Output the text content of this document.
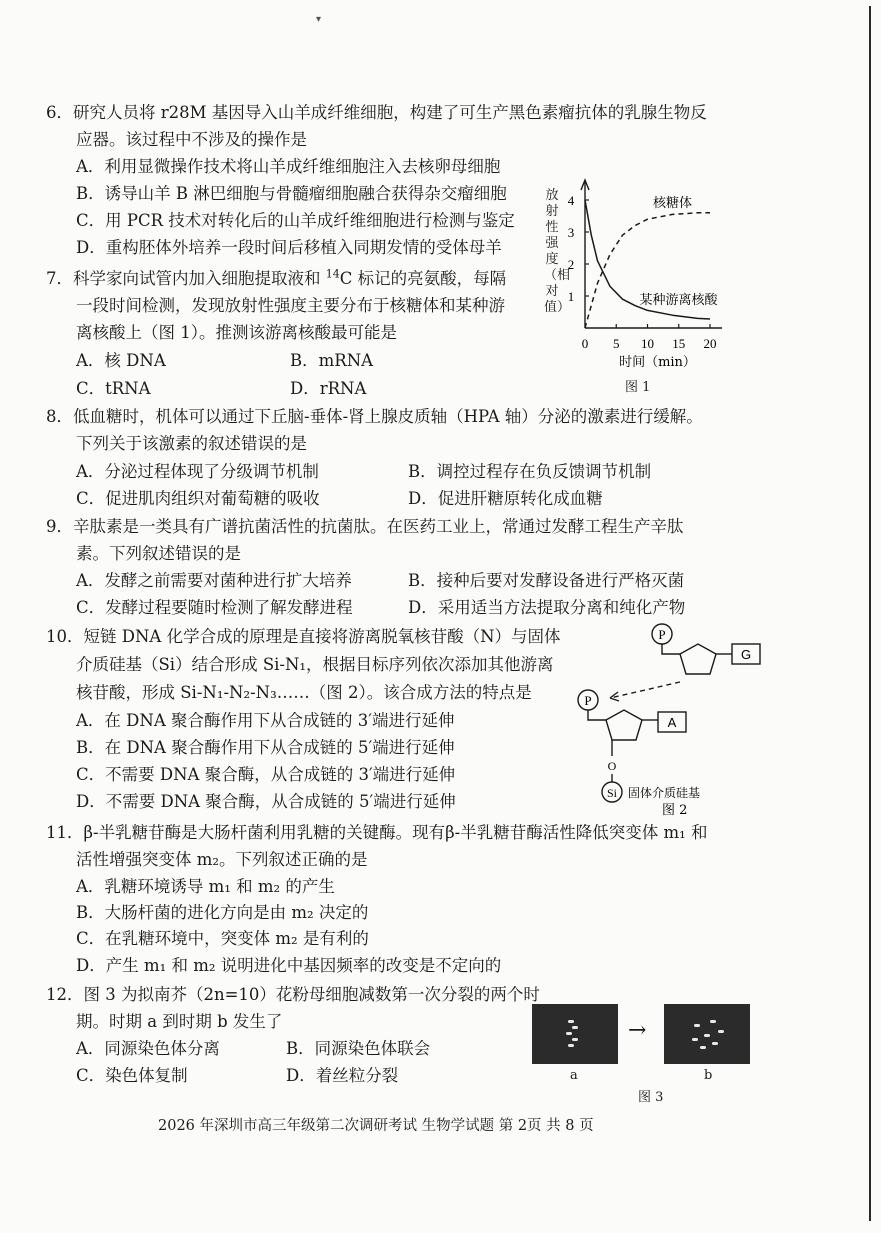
▾
6．研究人员将 r28M 基因导入山羊成纤维细胞，构建了可生产黑色素瘤抗体的乳腺生物反
应器。该过程中不涉及的操作是
A．利用显微操作技术将山羊成纤维细胞注入去核卵母细胞
B．诱导山羊 B 淋巴细胞与骨髓瘤细胞融合获得杂交瘤细胞
C．用 PCR 技术对转化后的山羊成纤维细胞进行检测与鉴定
D．重构胚体外培养一段时间后移植入同期发情的受体母羊
7．科学家向试管内加入细胞提取液和 $^{14}$C 标记的亮氨酸，每隔
一段时间检测，发现放射性强度主要分布于核糖体和某种游
离核酸上（图 1）。推测该游离核酸最可能是
A．核 DNA	B．mRNA
C．tRNA	D．rRNA
放射性强度（相对值）
1
2
3
4
0 5 10 15 20
时间（min）
核糖体
某种游离核酸
图 1
8．低血糖时，机体可以通过下丘脑-垂体-肾上腺皮质轴（HPA 轴）分泌的激素进行缓解。
下列关于该激素的叙述错误的是
A．分泌过程体现了分级调节机制	B．调控过程存在负反馈调节机制
C．促进肌肉组织对葡萄糖的吸收	D．促进肝糖原转化成血糖
9．辛肽素是一类具有广谱抗菌活性的抗菌肽。在医药工业上，常通过发酵工程生产辛肽
素。下列叙述错误的是
A．发酵之前需要对菌种进行扩大培养	B．接种后要对发酵设备进行严格灭菌
C．发酵过程要随时检测了解发酵进程	D．采用适当方法提取分离和纯化产物
10．短链 DNA 化学合成的原理是直接将游离脱氧核苷酸（N）与固体
介质硅基（Si）结合形成 Si-N₁，根据目标序列依次添加其他游离
核苷酸，形成 Si-N₁-N₂-N₃……（图 2）。该合成方法的特点是
A．在 DNA 聚合酶作用下从合成链的 3′端进行延伸
B．在 DNA 聚合酶作用下从合成链的 5′端进行延伸
C．不需要 DNA 聚合酶，从合成链的 3′端进行延伸
D．不需要 DNA 聚合酶，从合成链的 5′端进行延伸
P
G
P
A
O
Si 固体介质硅基
图 2
11．β-半乳糖苷酶是大肠杆菌利用乳糖的关键酶。现有β-半乳糖苷酶活性降低突变体 m₁ 和
活性增强突变体 m₂。下列叙述正确的是
A．乳糖环境诱导 m₁ 和 m₂ 的产生
B．大肠杆菌的进化方向是由 m₂ 决定的
C．在乳糖环境中，突变体 m₂ 是有利的
D．产生 m₁ 和 m₂ 说明进化中基因频率的改变是不定向的
12．图 3 为拟南芥（2n=10）花粉母细胞减数第一次分裂的两个时
期。时期 a 到时期 b 发生了
A．同源染色体分离	B．同源染色体联会
C．染色体复制	D．着丝粒分裂
→
a	b
图 3
2026 年深圳市高三年级第二次调研考试 生物学试题 第 2页 共 8 页
